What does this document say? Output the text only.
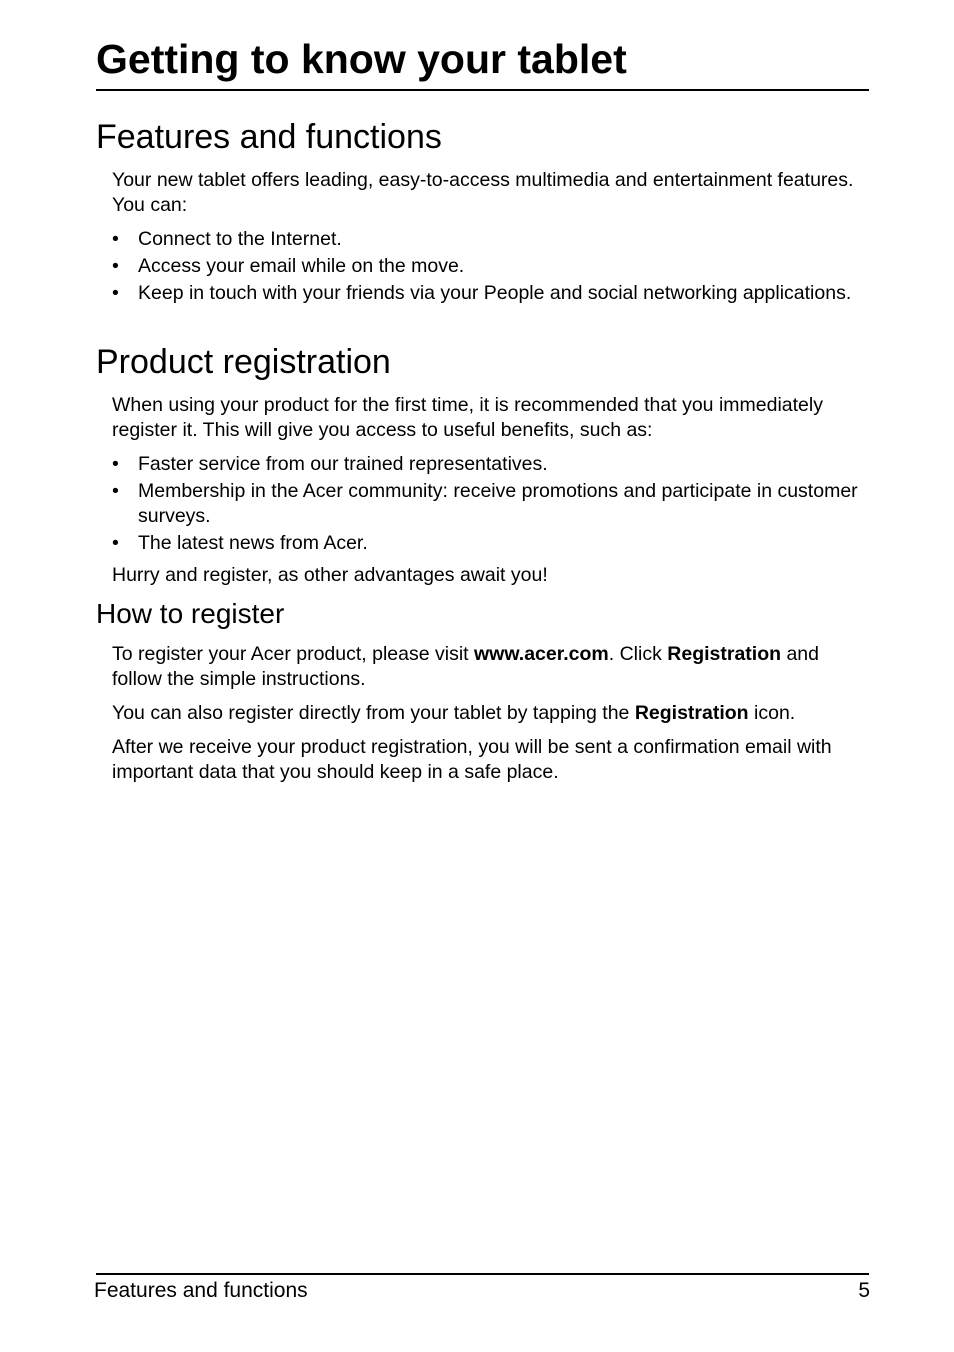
Getting to know your tablet
Features and functions

Your new tablet offers leading, easy-to-access multimedia and entertainment features. You can:

• Connect to the Internet.
• Access your email while on the move.
• Keep in touch with your friends via your People and social networking applications.
Product registration

When using your product for the first time, it is recommended that you immediately register it. This will give you access to useful benefits, such as:

• Faster service from our trained representatives.
• Membership in the Acer community: receive promotions and participate in customer surveys.
• The latest news from Acer.

Hurry and register, as other advantages await you!

How to register

To register your Acer product, please visit www.acer.com. Click Registration and follow the simple instructions.

You can also register directly from your tablet by tapping the Registration icon.

After we receive your product registration, you will be sent a confirmation email with important data that you should keep in a safe place.

Features and functions	5
